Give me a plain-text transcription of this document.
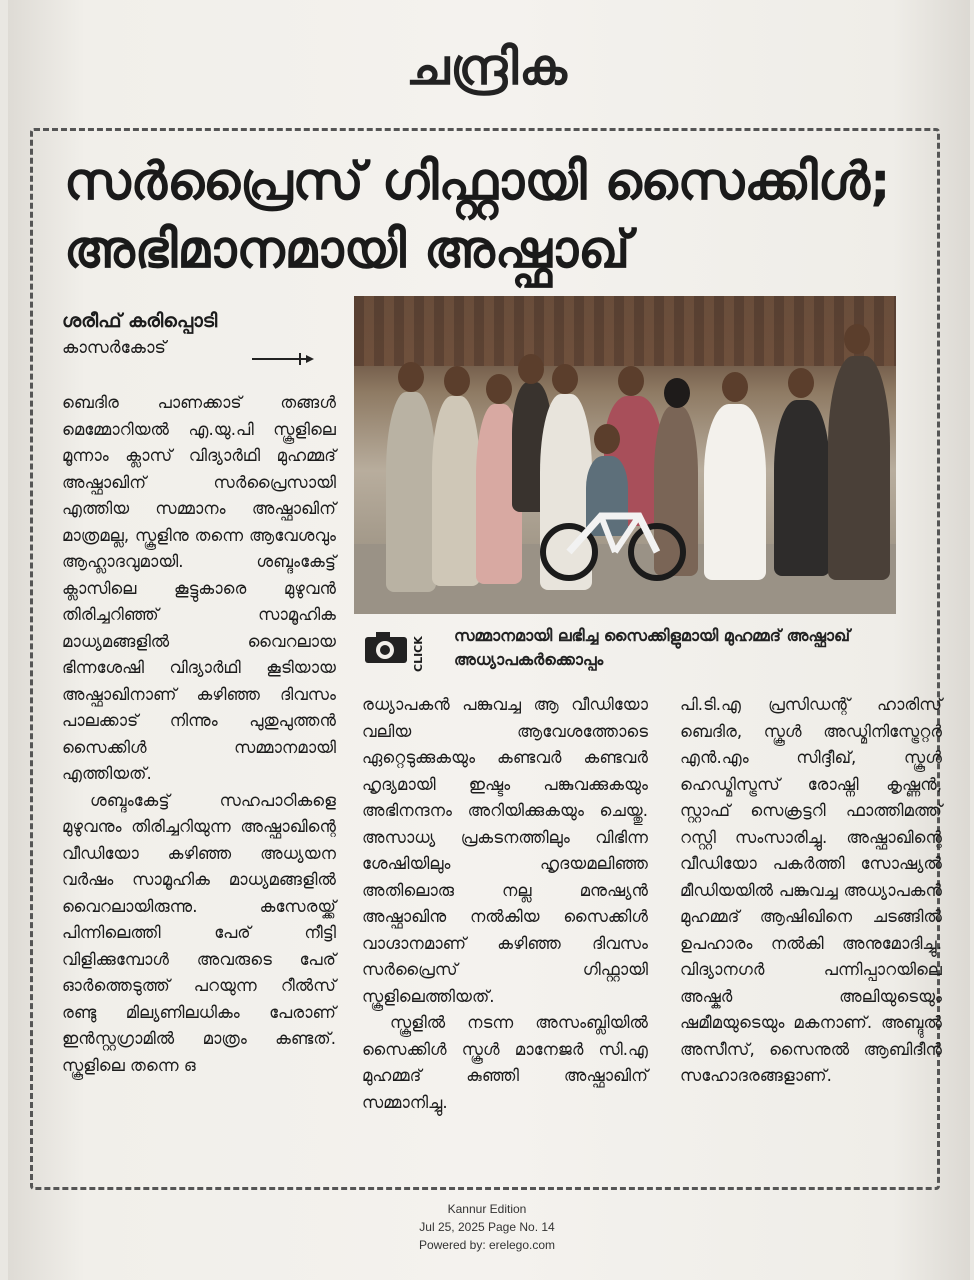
ചന്ദ്രിക
സർപ്രൈസ് ഗിഫ്റ്റായി സൈക്കിൾ;
അഭിമാനമായി അഷ്ഫാഖ്
ശരീഫ് കരിപ്പൊടി
കാസർകോട്
CLICK
സമ്മാനമായി ലഭിച്ച സൈക്കിളുമായി മുഹമ്മദ് അഷ്ഫാഖ് അധ്യാപകർക്കൊപ്പം

ബെദിര പാണക്കാട് തങ്ങൾ മെമ്മോറിയൽ എ.യു.പി സ്കൂളിലെ മൂന്നാം ക്ലാസ് വിദ്യാർഥി മുഹമ്മദ് അഷ്ഫാഖിന് സർപ്രൈസായി എത്തിയ സമ്മാനം അഷ്ഫാഖിന് മാത്രമല്ല, സ്കൂളിനു തന്നെ ആവേശവും ആഹ്ലാദവുമായി. ശബ്ദംകേട്ട് ക്ലാസിലെ കൂട്ടുകാരെ മുഴുവൻ തിരിച്ചറിഞ്ഞ് സാമൂഹിക മാധ്യമങ്ങളിൽ വൈറലായ ഭിന്നശേഷി വിദ്യാർഥി കൂടിയായ അഷ്ഫാഖിനാണ് കഴിഞ്ഞ ദിവസം പാലക്കാട് നിന്നും പുതുപുത്തൻ സൈക്കിൾ സമ്മാനമായി എത്തിയത്.

ശബ്ദംകേട്ട് സഹപാഠികളെ മുഴുവനും തിരിച്ചറിയുന്ന അഷ്ഫാഖിന്റെ വീഡിയോ കഴിഞ്ഞ അധ്യയന വർഷം സാമൂഹിക മാധ്യമങ്ങളിൽ വൈറലായിരുന്നു. കസേരയ്ക്ക് പിന്നിലെത്തി പേര് നീട്ടി വിളിക്കുമ്പോൾ അവരുടെ പേര് ഓർത്തെടുത്ത് പറയുന്ന റീൽസ് രണ്ടു മില്യണിലധികം പേരാണ് ഇൻസ്റ്റഗ്രാമിൽ മാത്രം കണ്ടത്. സ്കൂളിലെ തന്നെ ഒ

രധ്യാപകൻ പങ്കുവച്ച ആ വീഡിയോ വലിയ ആവേശത്തോടെ ഏറ്റെടുക്കുകയും കണ്ടവർ കണ്ടവർ ഹൃദ്യമായി ഇഷ്ടം പങ്കുവക്കുകയും അഭിനന്ദനം അറിയിക്കുകയും ചെയ്തു. അസാധ്യ പ്രകടനത്തിലും വിഭിന്ന ശേഷിയിലും ഹൃദയമലിഞ്ഞ അതിലൊരു നല്ല മനുഷ്യൻ അഷ്ഫാഖിനു നൽകിയ സൈക്കിൾ വാഗ്ദാനമാണ് കഴിഞ്ഞ ദിവസം സർപ്രൈസ് ഗിഫ്റ്റായി സ്കൂളിലെത്തിയത്.

സ്കൂളിൽ നടന്ന അസംബ്ലിയിൽ സൈക്കിൾ സ്കൂൾ മാനേജർ സി.എ മുഹമ്മദ് കുഞ്ഞി അഷ്ഫാഖിന് സമ്മാനിച്ചു.

പി.ടി.എ പ്രസിഡന്റ് ഹാരിസ് ബെദിര, സ്കൂൾ അഡ്മിനിസ്ട്രേറ്റർ എൻ.എം സിദ്ദീഖ്, സ്കൂൾ ഹെഡ്മിസ്ട്രസ് രോഷ്നി കൃഷ്ണൻ, സ്റ്റാഫ് സെക്രട്ടറി ഫാത്തിമത്ത് റസ്റ്റി സംസാരിച്ചു. അഷ്ഫാഖിന്റെ വീഡിയോ പകർത്തി സോഷ്യൽ മീഡിയയിൽ പങ്കുവച്ച അധ്യാപകൻ മുഹമ്മദ് ആഷിഖിനെ ചടങ്ങിൽ ഉപഹാരം നൽകി അനുമോദിച്ചു. വിദ്യാനഗർ പന്നിപ്പാറയിലെ അഷ്കർ അലിയുടെയും ഷമീമയുടെയും മകനാണ്. അബ്ദുൽ അസീസ്, സൈനുൽ ആബിദീൻ സഹോദരങ്ങളാണ്.

Kannur Edition
Jul 25, 2025 Page No. 14
Powered by: erelego.com
